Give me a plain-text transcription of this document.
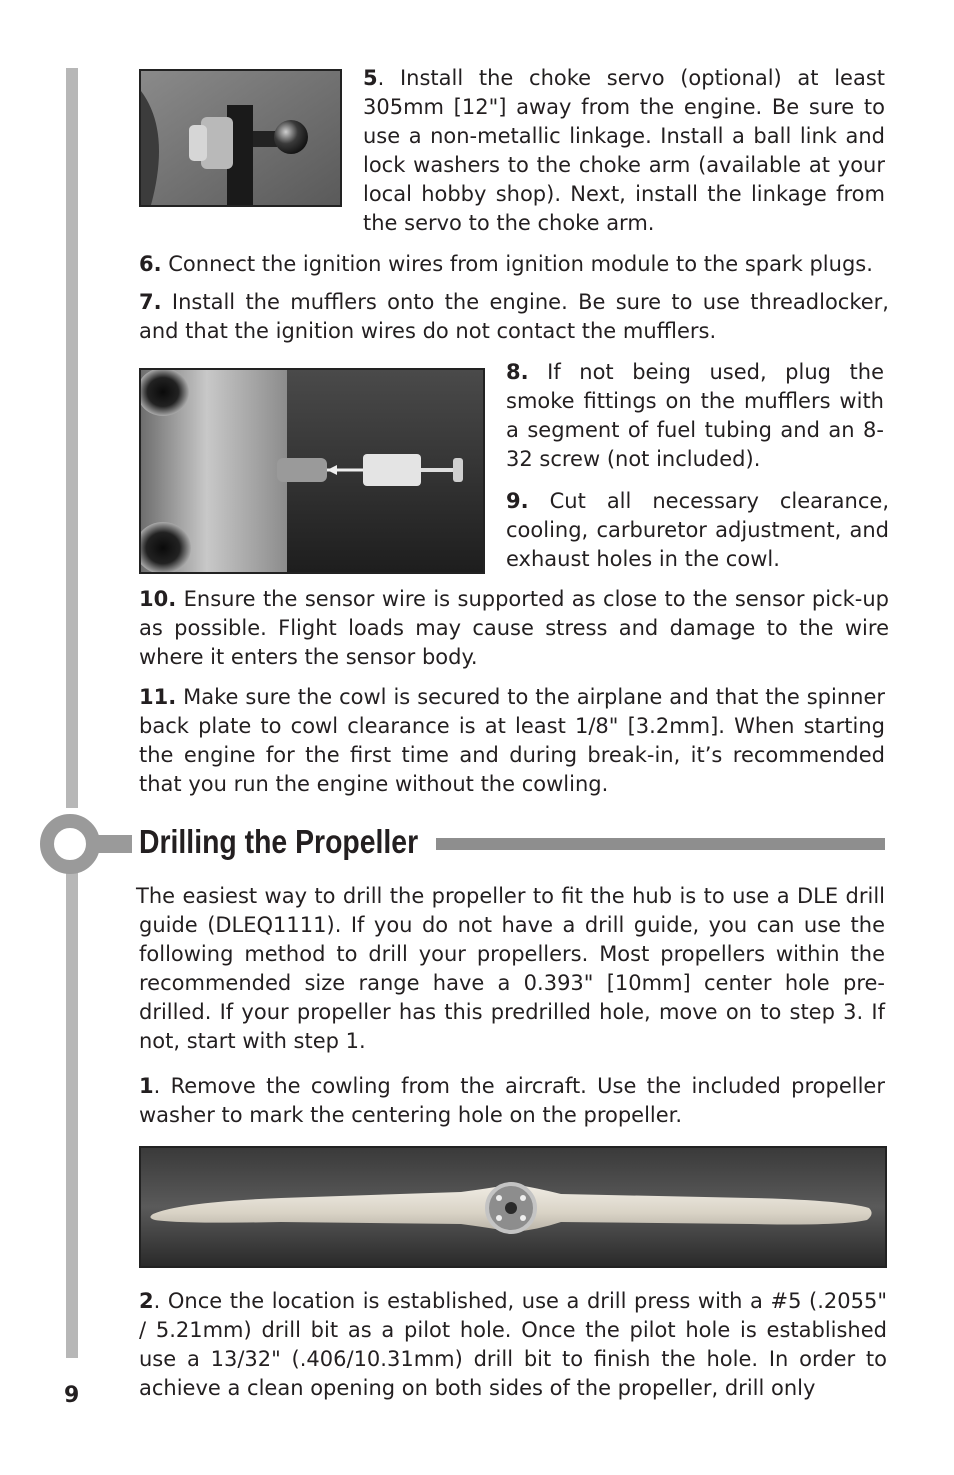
5. Install the choke servo (optional) at least 305mm [12"] away from the engine. Be sure to use a non-metallic linkage. Install a ball link and lock washers to the choke arm (available at your local hobby shop). Next, install the linkage from the servo to the choke arm.

6. Connect the ignition wires from ignition module to the spark plugs.

7. Install the mufflers onto the engine. Be sure to use threadlocker, and that the ignition wires do not contact the mufflers.

8. If not being used, plug the smoke fittings on the mufflers with a segment of fuel tubing and an 8-32 screw (not included).

9. Cut all necessary clearance, cooling, carburetor adjustment, and exhaust holes in the cowl.

10. Ensure the sensor wire is supported as close to the sensor pick-up as possible. Flight loads may cause stress and damage to the wire where it enters the sensor body.

11. Make sure the cowl is secured to the airplane and that the spinner back plate to cowl clearance is at least 1/8" [3.2mm]. When starting the engine for the first time and during break-in, it’s recommended that you run the engine without the cowling.

Drilling the Propeller

The easiest way to drill the propeller to fit the hub is to use a DLE drill guide (DLEQ1111). If you do not have a drill guide, you can use the following method to drill your propellers. Most propellers within the recommended size range have a 0.393" [10mm] center hole pre-drilled. If your propeller has this predrilled hole, move on to step 3. If not, start with step 1.

1. Remove the cowling from the aircraft. Use the included propeller washer to mark the centering hole on the propeller.

2. Once the location is established, use a drill press with a #5 (.2055" / 5.21mm) drill bit as a pilot hole. Once the pilot hole is established use a 13/32" (.406/10.31mm) drill bit to finish the hole. In order to achieve a clean opening on both sides of the propeller, drill only

9
